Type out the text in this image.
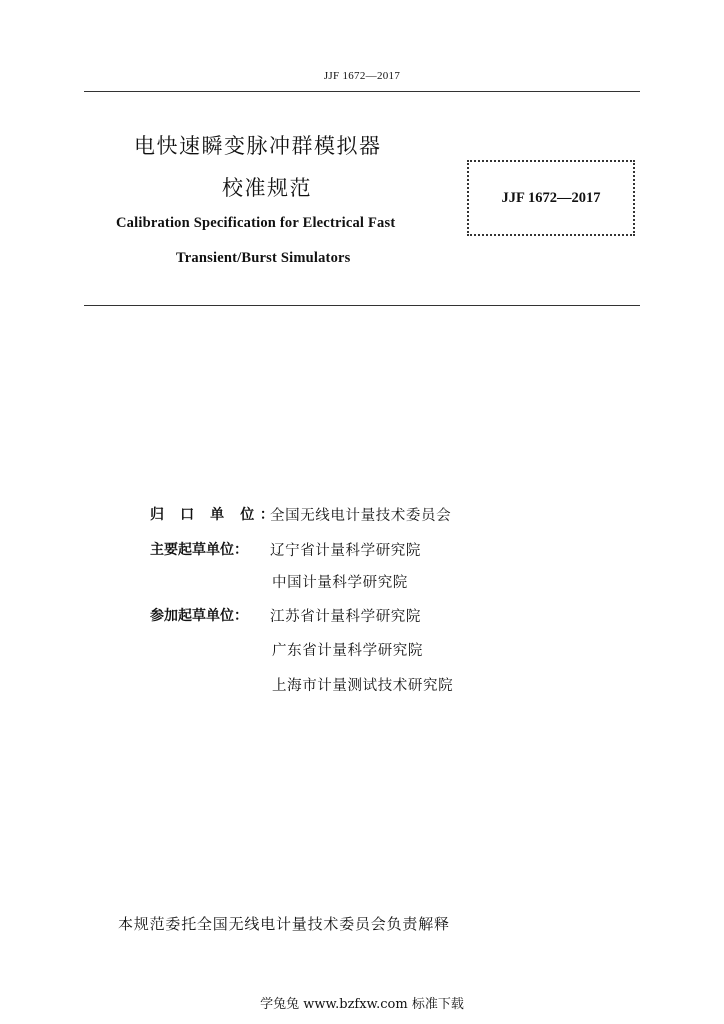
JJF 1672—2017
电快速瞬变脉冲群模拟器
校准规范
Calibration Specification for Electrical Fast
Transient/Burst Simulators
JJF 1672—2017
归 口 单 位：
全国无线电计量技术委员会
主要起草单位：	辽宁省计量科学研究院
中国计量科学研究院
参加起草单位：	江苏省计量科学研究院
广东省计量科学研究院
上海市计量测试技术研究院
本规范委托全国无线电计量技术委员会负责解释
学兔兔 www.bzfxw.com 标准下载
